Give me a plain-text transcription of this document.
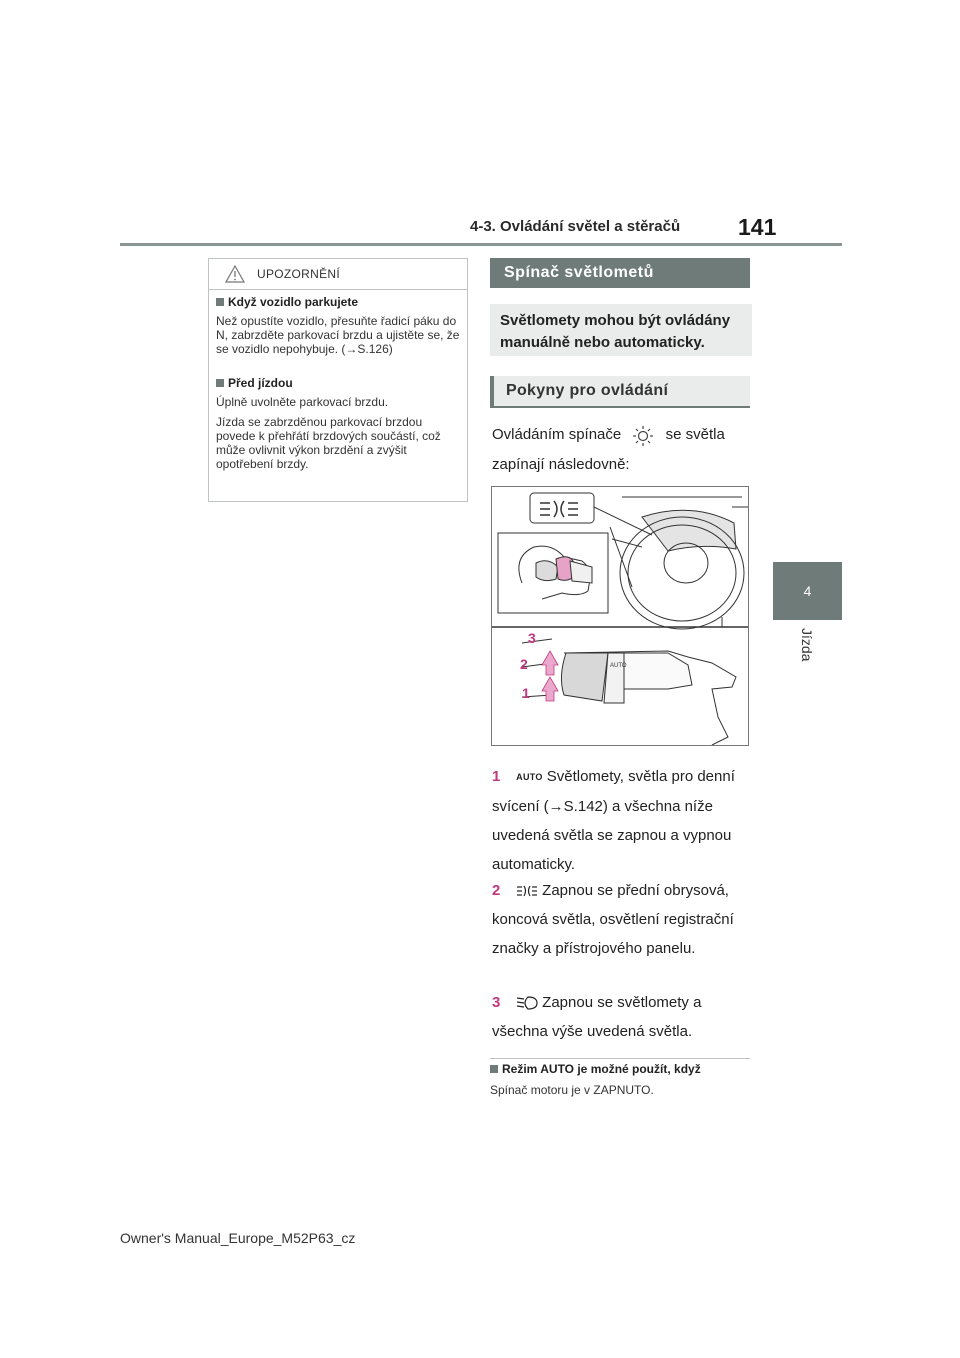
4-3. Ovládání světel a stěračů	141
4
Jízda
UPOZORNĚNÍ
Když vozidlo parkujete

Než opustíte vozidlo, přesuňte řadicí páku do N, zabrzděte parkovací brzdu a ujistěte se, že se vozidlo nepohybuje. (→S.126)

Před jízdou

Úplně uvolněte parkovací brzdu.

Jízda se zabrzděnou parkovací brzdou povede k přehřátí brzdových součástí, což může ovlivnit výkon brzdění a zvýšit opotřebení brzdy.

Spínač světlometů
Světlomety mohou být ovládány manuálně nebo automaticky.
Pokyny pro ovládání
Ovládáním spínače	se světla zapínají následovně:
AUTO
3
2
1
1 AUTO Světlomety, světla pro denní svícení (→S.142) a všechna níže uvedená světla se zapnou a vypnou automaticky.
2	Zapnou se přední obrysová, koncová světla, osvětlení registrační značky a přístrojového panelu.
3	Zapnou se světlomety a všechna výše uvedená světla.
Režim AUTO je možné použít, když
Spínač motoru je v ZAPNUTO.
Owner's Manual_Europe_M52P63_cz
